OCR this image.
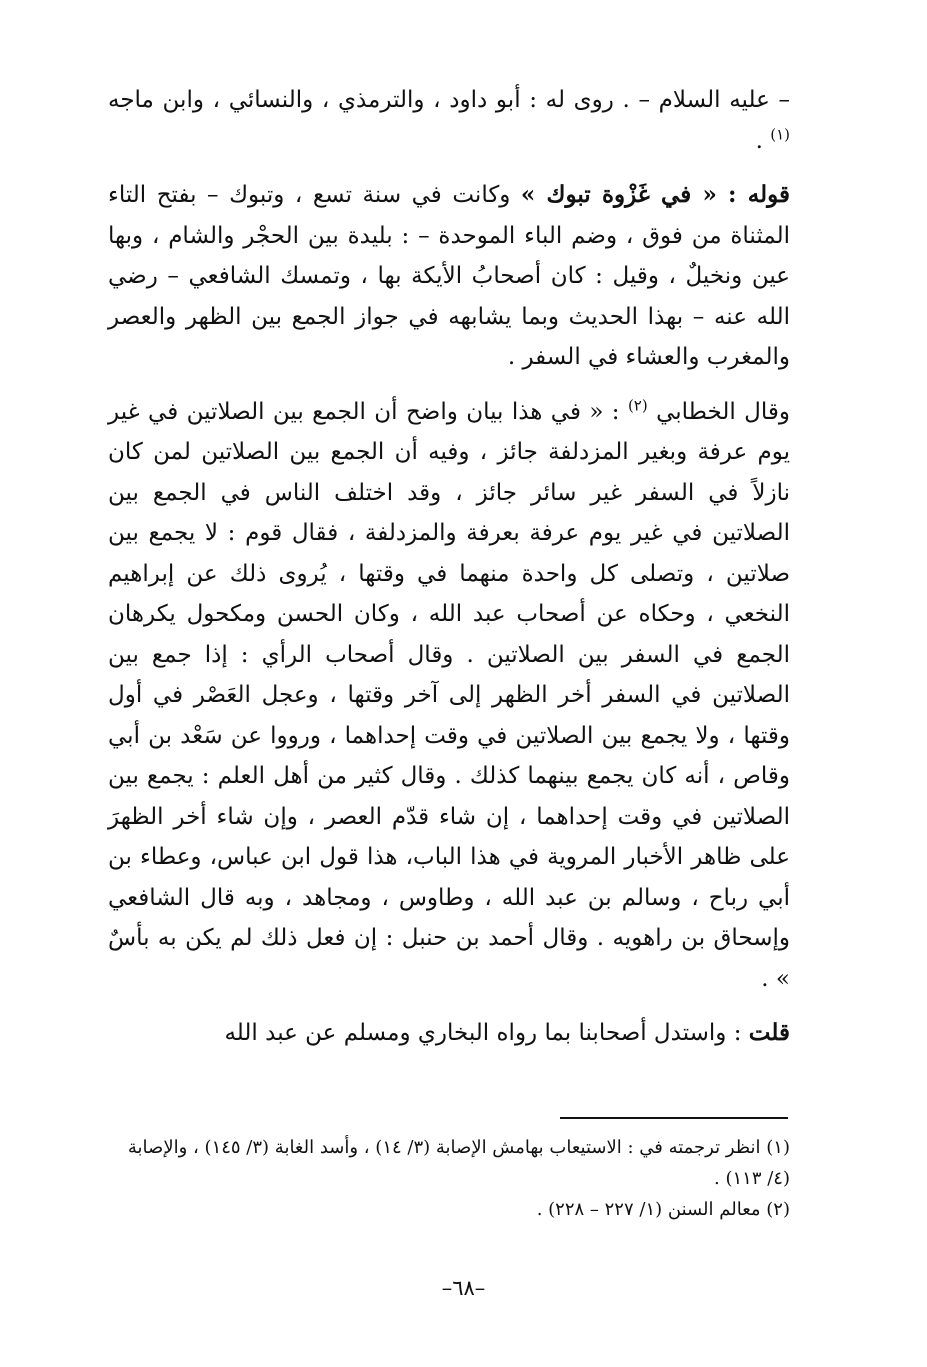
– عليه السلام – . روى له : أبو داود ، والترمذي ، والنسائي ، وابن ماجه $^{(١)}$ .

قوله : « في غَزْوة تبوك » وكانت في سنة تسع ، وتبوك – بفتح التاء المثناة من فوق ، وضم الباء الموحدة – : بليدة بين الحجْر والشام ، وبها عين ونخيلٌ ، وقيل : كان أصحابُ الأيكة بها ، وتمسك الشافعي – رضي الله عنه – بهذا الحديث وبما يشابهه في جواز الجمع بين الظهر والعصر والمغرب والعشاء في السفر .

وقال الخطابي $^{(٢)}$ : « في هذا بيان واضح أن الجمع بين الصلاتين في غير يوم عرفة وبغير المزدلفة جائز ، وفيه أن الجمع بين الصلاتين لمن كان نازلاً في السفر غير سائر جائز ، وقد اختلف الناس في الجمع بين الصلاتين في غير يوم عرفة بعرفة والمزدلفة ، فقال قوم : لا يجمع بين صلاتين ، وتصلى كل واحدة منهما في وقتها ، يُروى ذلك عن إبراهيم النخعي ، وحكاه عن أصحاب عبد الله ، وكان الحسن ومكحول يكرهان الجمع في السفر بين الصلاتين . وقال أصحاب الرأي : إذا جمع بين الصلاتين في السفر أخر الظهر إلى آخر وقتها ، وعجل العَصْر في أول وقتها ، ولا يجمع بين الصلاتين في وقت إحداهما ، ورووا عن سَعْد بن أبي وقاص ، أنه كان يجمع بينهما كذلك . وقال كثير من أهل العلم : يجمع بين الصلاتين في وقت إحداهما ، إن شاء قدّم العصر ، وإن شاء أخر الظهرَ على ظاهر الأخبار المروية في هذا الباب، هذا قول ابن عباس، وعطاء بن أبي رباح ، وسالم بن عبد الله ، وطاوس ، ومجاهد ، وبه قال الشافعي وإسحاق بن راهويه . وقال أحمد بن حنبل : إن فعل ذلك لم يكن به بأسٌ » .

قلت : واستدل أصحابنا بما رواه البخاري ومسلم عن عبد الله

(١) انظر ترجمته في : الاستيعاب بهامش الإصابة (٣/ ١٤) ، وأسد الغابة (٣/ ١٤٥) ، والإصابة (٤/ ١١٣) .

(٢) معالم السنن (١/ ٢٢٧ – ٢٢٨) .

–٦٨–
